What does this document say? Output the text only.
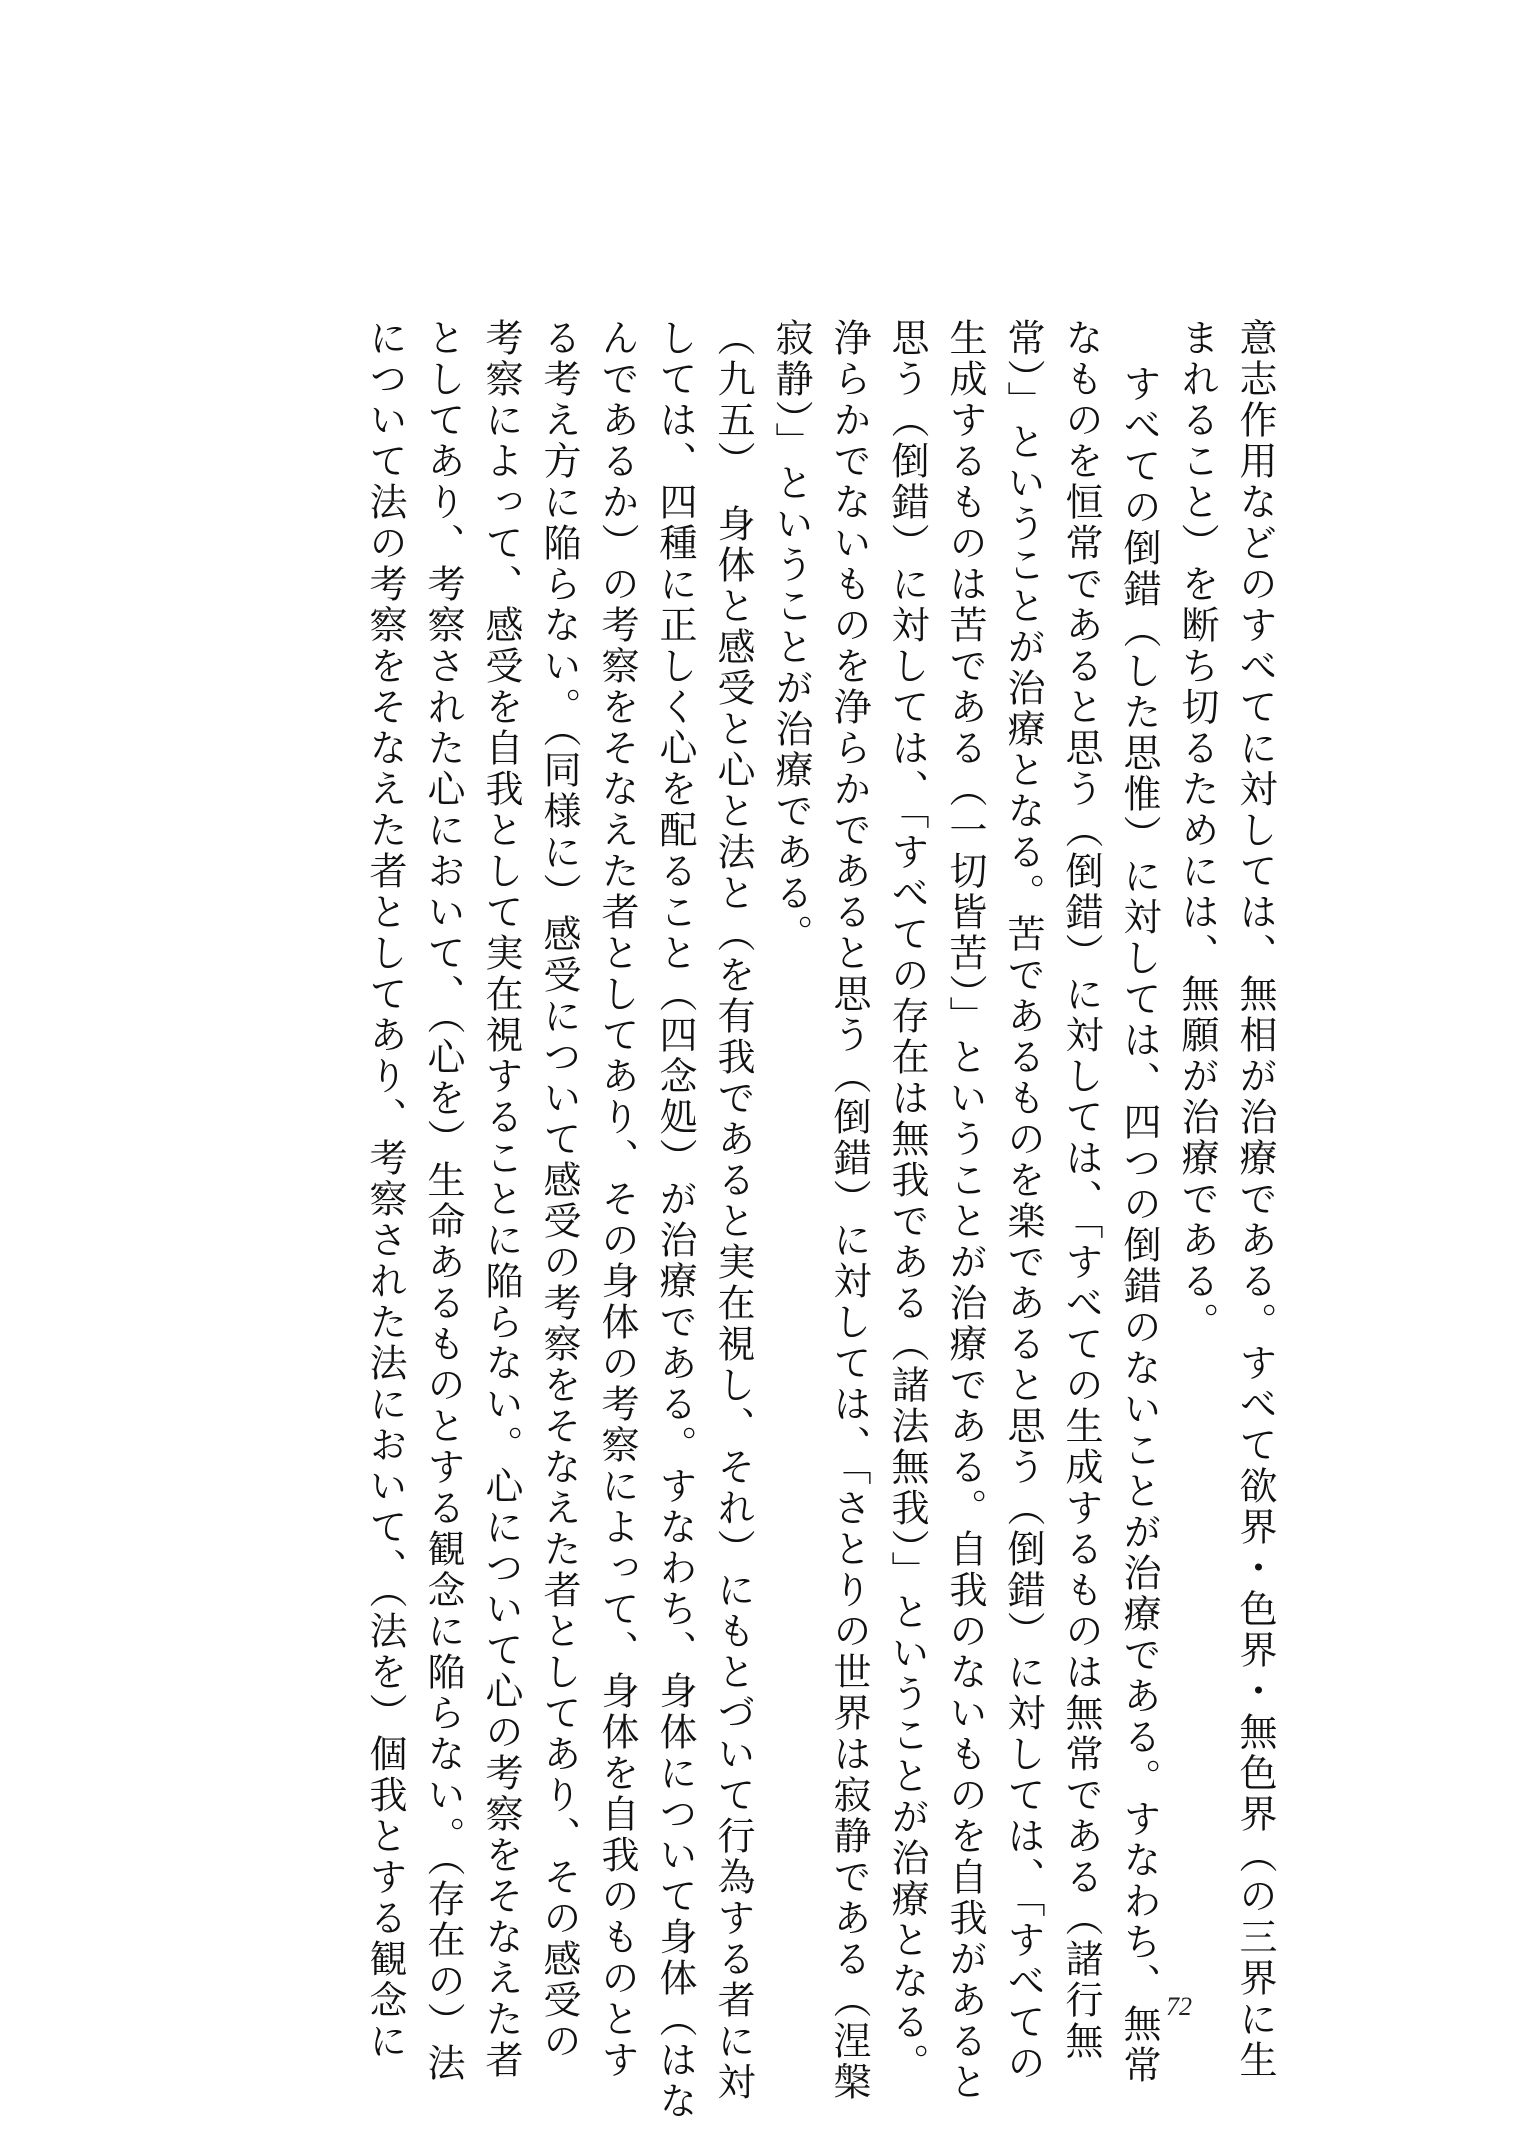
意志作用などのすべてに対しては、無相が治療である。すべて欲界・色界・無色界（の三界に生
まれること）を断ち切るためには、無願が治療である。
すべての倒錯（した思惟）に対しては、四つの倒錯のないことが治療である。すなわち、無常
なものを恒常であると思う（倒錯）に対しては、「すべての生成するものは無常である（諸行無
常）」ということが治療となる。苦であるものを楽であると思う（倒錯）に対しては、「すべての
生成するものは苦である（一切皆苦）」ということが治療である。自我のないものを自我があると
思う（倒錯）に対しては、「すべての存在は無我である（諸法無我）」ということが治療となる。
浄らかでないものを浄らかであると思う（倒錯）に対しては、「さとりの世界は寂静である（涅槃
寂静）」ということが治療である。
（九五）　身体と感受と心と法と（を有我であると実在視し、それ）にもとづいて行為する者に対
しては、四種に正しく心を配ること（四念処）が治療である。すなわち、身体について身体（はな
んであるか）の考察をそなえた者としてあり、その身体の考察によって、身体を自我のものとす
る考え方に陥らない。（同様に）感受について感受の考察をそなえた者としてあり、その感受の
考察によって、感受を自我として実在視することに陥らない。心について心の考察をそなえた者
としてあり、考察された心において、（心を）生命あるものとする観念に陥らない。（存在の）法
について法の考察をそなえた者としてあり、考察された法において、（法を）個我とする観念に	72
